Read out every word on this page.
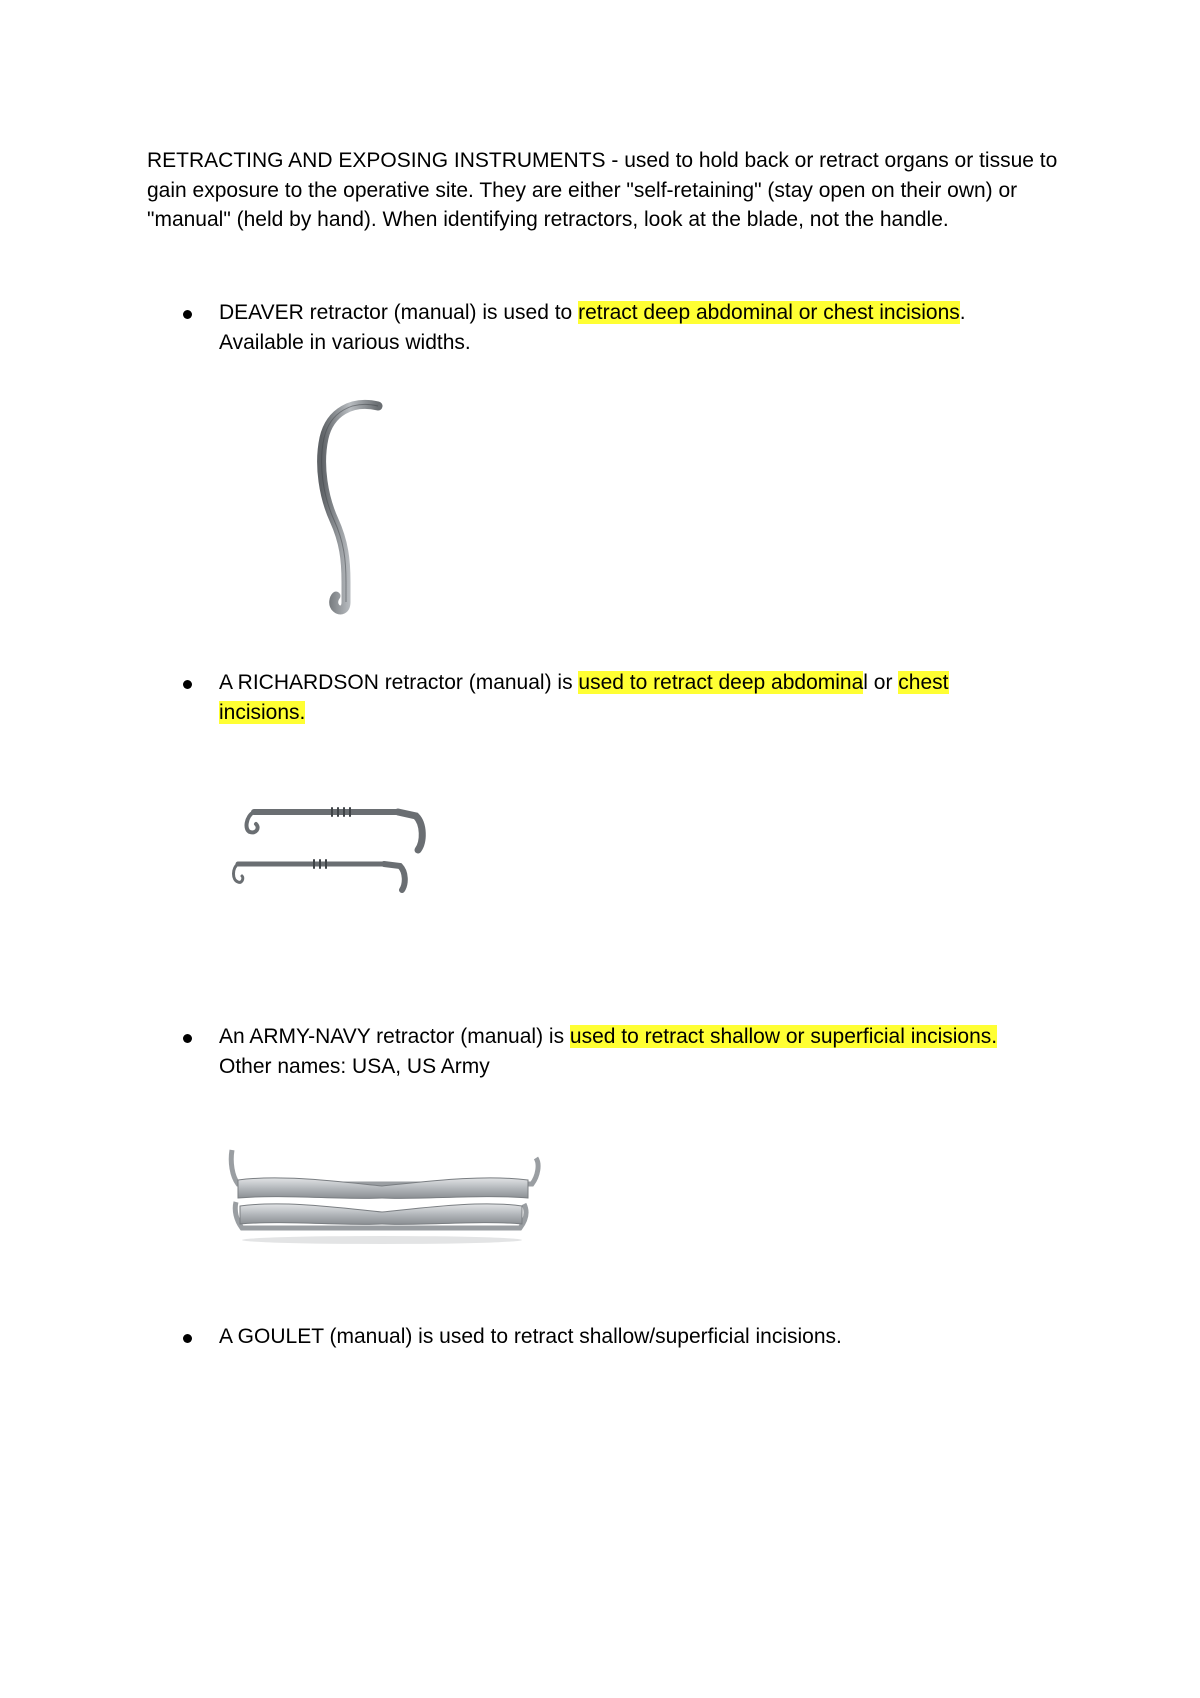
RETRACTING AND EXPOSING INSTRUMENTS - used to hold back or retract organs or tissue to gain exposure to the operative site. They are either "self-retaining" (stay open on their own) or "manual" (held by hand). When identifying retractors, look at the blade, not the handle.

DEAVER retractor (manual) is used to retract deep abdominal or chest incisions.
Available in various widths.

A RICHARDSON retractor (manual) is used to retract deep abdominal or chest
incisions.

An ARMY-NAVY retractor (manual) is used to retract shallow or superficial incisions.
Other names: USA, US Army

A GOULET (manual) is used to retract shallow/superficial incisions.
